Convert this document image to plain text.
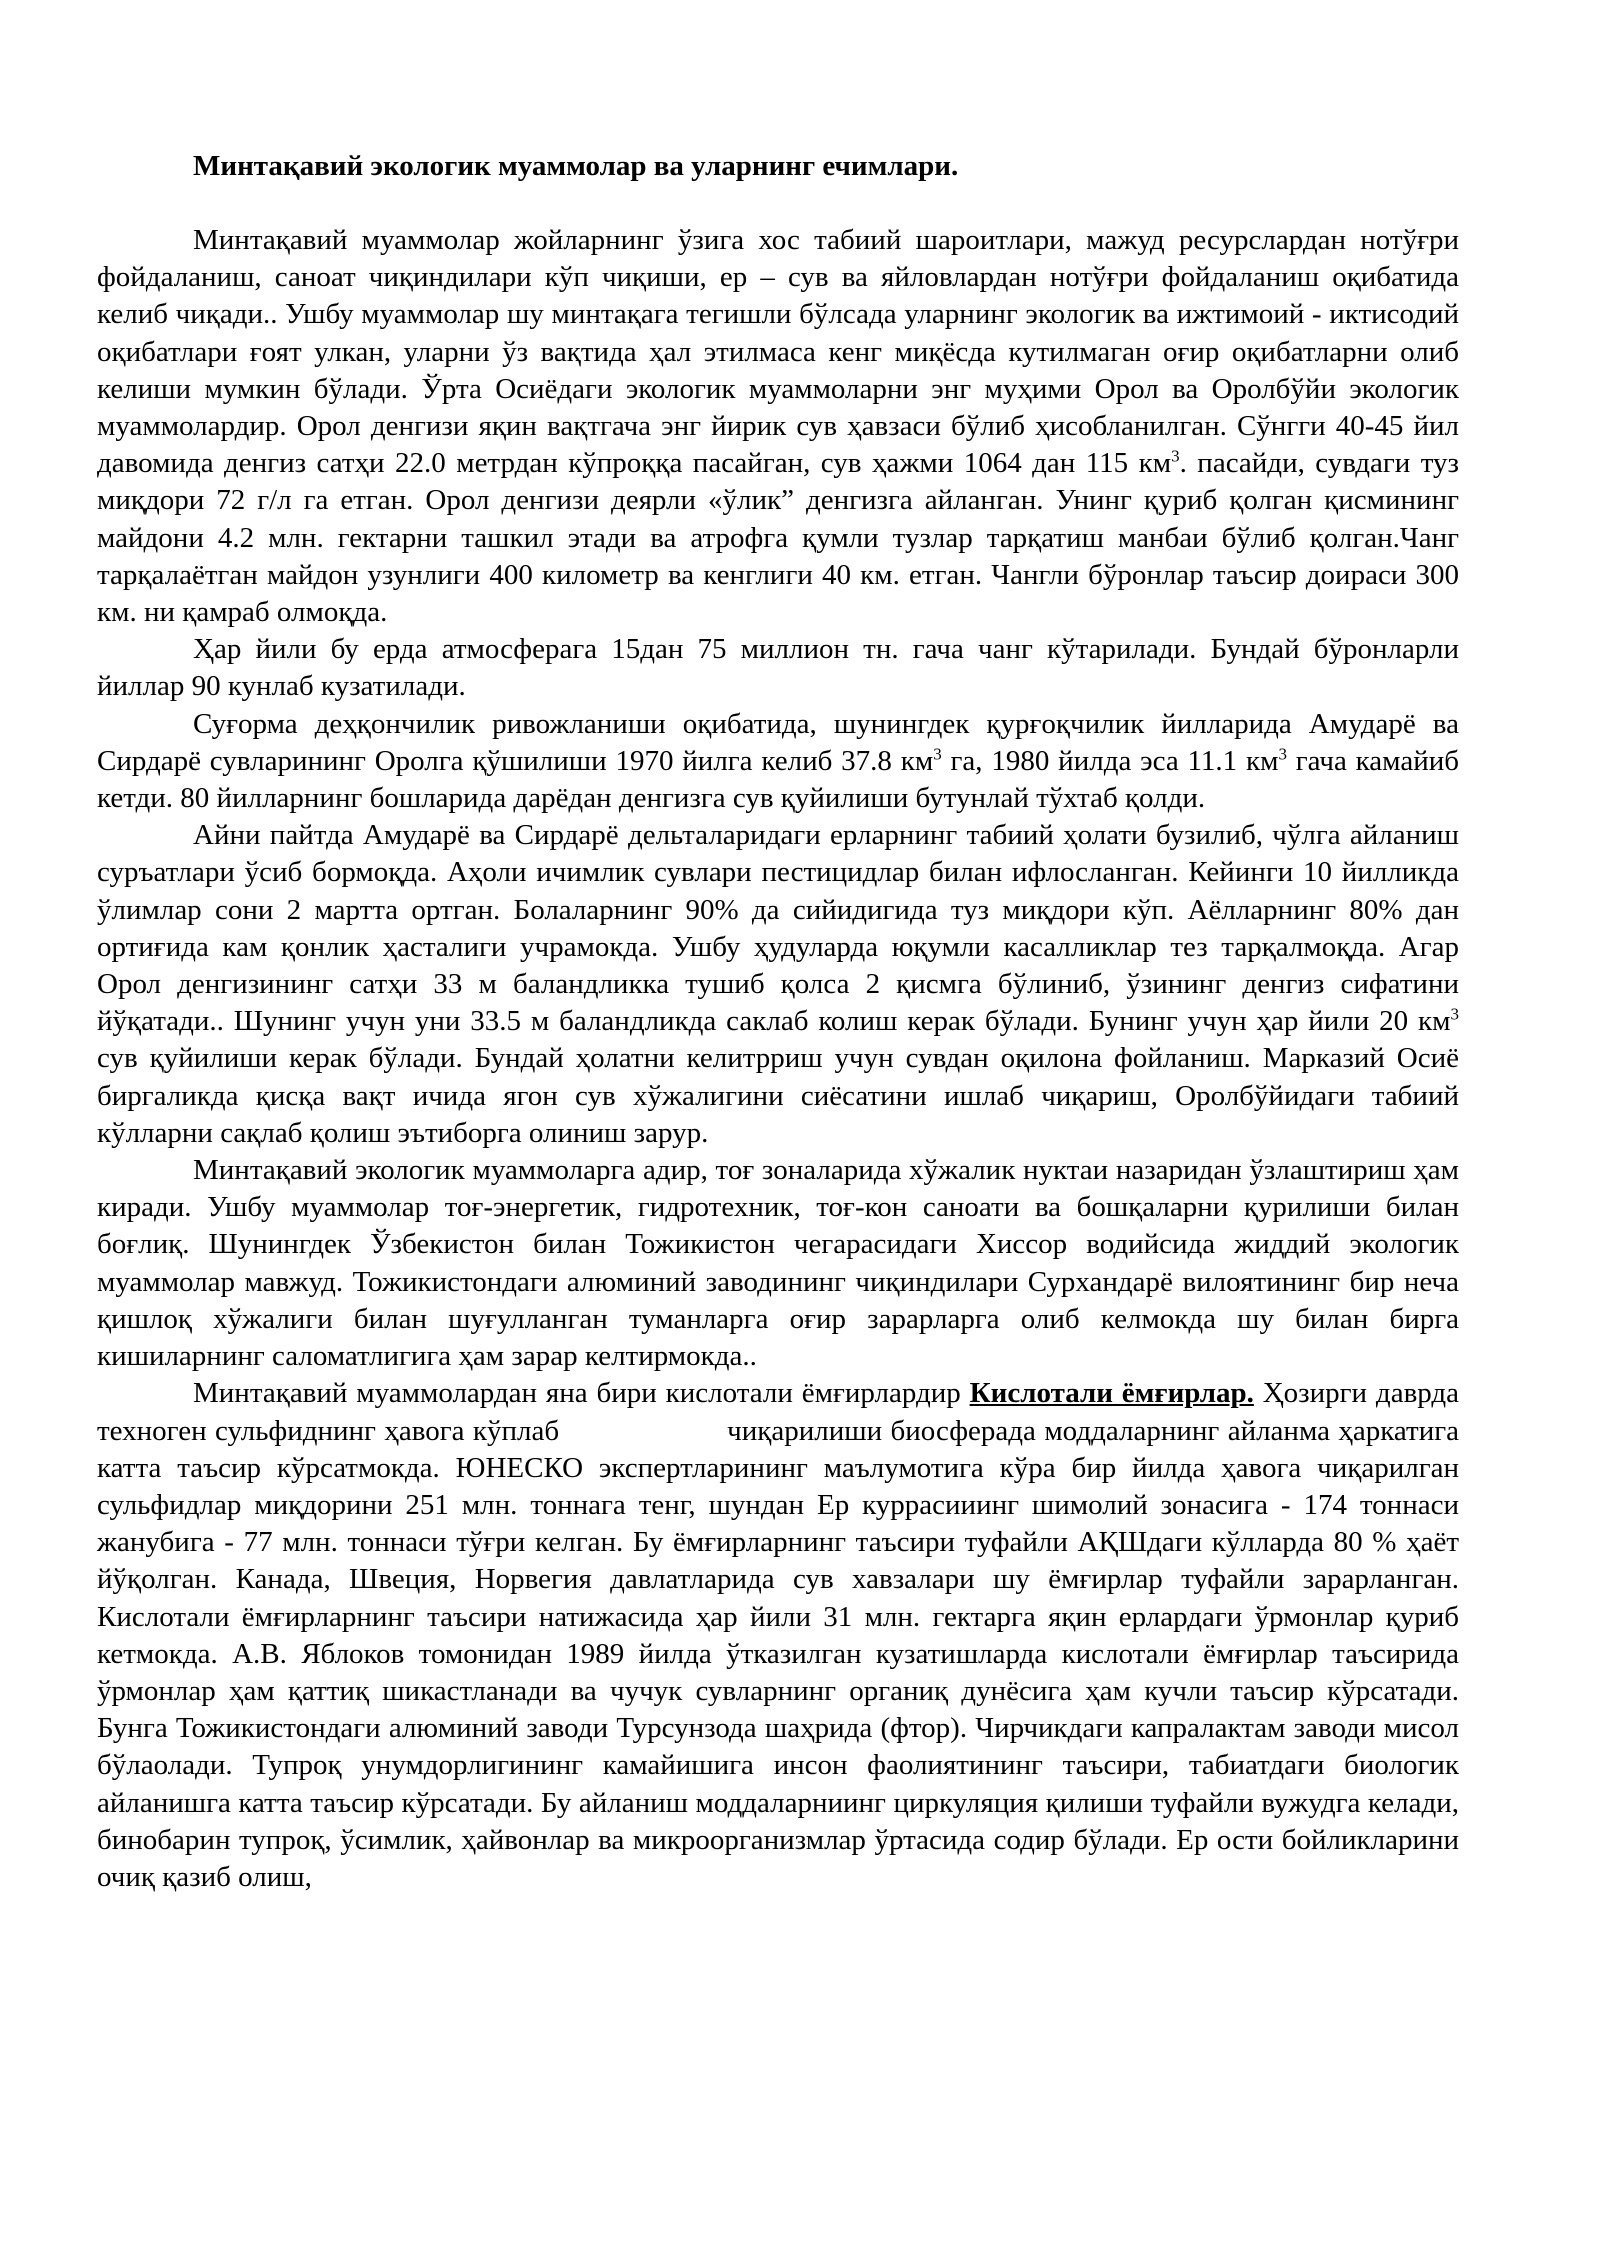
Минтақавий экологик муаммолар ва уларнинг ечимлари.

Минтақавий муаммолар жойларнинг ўзига хос табиий шароитлари, мажуд ресурслардан нотўғри фойдаланиш, саноат чиқиндилари кўп чиқиши, ер – сув ва яйловлардан нотўғри фойдаланиш оқибатида келиб чиқади.. Ушбу муаммолар шу минтақага тегишли бўлсада уларнинг экологик ва ижтимоий - иктисодий оқибатлари ғоят улкан, уларни ўз вақтида ҳал этилмаса кенг миқёсда кутилмаган оғир оқибатларни олиб келиши мумкин бўлади. Ўрта Осиёдаги экологик муаммоларни энг муҳими Орол ва Оролбўйи экологик муаммолардир. Орол денгизи яқин вақтгача энг йирик сув ҳавзаси бўлиб ҳисобланилган. Сўнгги 40-45 йил давомида денгиз сатҳи 22.0 метрдан кўпроққа пасайган, сув ҳажми 1064 дан 115 $км^3$. пасайди, сувдаги туз миқдори 72 г/л га етган. Орол денгизи деярли «ўлик” денгизга айланган. Унинг қуриб қолган қисмининг майдони 4.2 млн. гектарни ташкил этади ва атрофга қумли тузлар тарқатиш манбаи бўлиб қолган.Чанг тарқалаётган майдон узунлиги 400 километр ва кенглиги 40 км. етган. Чангли бўронлар таъсир доираси 300 км. ни қамраб олмоқда.

Ҳар йили бу ерда атмосферага 15дан 75 миллион тн. гача чанг кўтарилади. Бундай бўронларли йиллар 90 кунлаб кузатилади.

Суғорма деҳқончилик ривожланиши оқибатида, шунингдек қурғоқчилик йилларида Амударё ва Сирдарё сувларининг Оролга қўшилиши 1970 йилга келиб 37.8 $км^3$ га, 1980 йилда эса 11.1 $км^3$ гача камайиб кетди. 80 йилларнинг бошларида дарёдан денгизга сув қуйилиши бутунлай тўхтаб қолди.

Айни пайтда Амударё ва Сирдарё дельталаридаги ерларнинг табиий ҳолати бузилиб, чўлга айланиш суръатлари ўсиб бормоқда. Аҳоли ичимлик сувлари пестицидлар билан ифлосланган. Кейинги 10 йилликда ўлимлар сони 2 мартта ортган. Болаларнинг 90% да сийидигида туз миқдори кўп. Аёлларнинг 80% дан ортиғида кам қонлик ҳасталиги учрамокда. Ушбу ҳудуларда юқумли касалликлар тез тарқалмоқда. Агар Орол денгизининг сатҳи 33 м баландликка тушиб қолса 2 қисмга бўлиниб, ўзининг денгиз сифатини йўқатади.. Шунинг учун уни 33.5 м баландликда саклаб колиш керак бўлади. Бунинг учун ҳар йили 20 $км^3$ сув қуйилиши керак бўлади. Бундай ҳолатни келитрриш учун сувдан оқилона фойланиш. Марказий Осиё биргаликда қисқа вақт ичида ягон сув хўжалигини сиёсатини ишлаб чиқариш, Оролбўйидаги табиий кўлларни сақлаб қолиш эътиборга олиниш зарур.

Минтақавий экологик муаммоларга адир, тоғ зоналарида хўжалик нуктаи назаридан ўзлаштириш ҳам киради. Ушбу муаммолар тоғ-энергетик, гидротехник, тоғ-кон саноати ва бошқаларни қурилиши билан боғлиқ. Шунингдек Ўзбекистон билан Тожикистон чегарасидаги Хиссор водийсида жиддий экологик муаммолар мавжуд. Тожикистондаги алюминий заводининг чиқиндилари Сурхандарё вилоятининг бир неча қишлоқ хўжалиги билан шуғулланган туманларга оғир зарарларга олиб келмокда шу билан бирга кишиларнинг саломатлигига ҳам зарар келтирмокда..

Минтақавий муаммолардан яна бири кислотали ёмғирлардир Кислотали ёмғирлар. Ҳозирги даврда техноген сульфиднинг ҳавога кўплаб	чиқарилиши биосферада моддаларнинг айланма ҳаркатига катта таъсир кўрсатмокда. ЮНЕСКО экспертларининг маълумотига кўра бир йилда ҳавога чиқарилган сульфидлар миқдорини 251 млн. тоннага тенг, шундан Ер куррасииинг шимолий зонасига - 174 тоннаси жанубига - 77 млн. тоннаси тўғри келган. Бу ёмғирларнинг таъсири туфайли АҚШдаги кўлларда 80 % ҳаёт йўқолган. Канада, Швеция, Норвегия давлатларида сув хавзалари шу ёмғирлар туфайли зарарланган. Кислотали ёмғирларнинг таъсири натижасида ҳар йили 31 млн. гектарга яқин ерлардаги ўрмонлар қуриб кетмокда. А.В. Яблоков томонидан 1989 йилда ўтказилган кузатишларда кислотали ёмғирлар таъсирида ўрмонлар ҳам қаттиқ шикастланади ва чучук сувларнинг органиқ дунёсига ҳам кучли таъсир кўрсатади. Бунга Тожикистондаги алюминий заводи Турсунзода шаҳрида (фтор). Чирчикдаги капралактам заводи мисол бўлаолади. Тупроқ унумдорлигининг камайишига инсон фаолиятининг таъсири, табиатдаги биологик айланишга катта таъсир кўрсатади. Бу айланиш моддаларниинг циркуляция қилиши туфайли вужудга келади, бинобарин тупроқ, ўсимлик, ҳайвонлар ва микроорганизмлар ўртасида содир бўлади. Ер ости бойликларини очиқ қазиб олиш,
